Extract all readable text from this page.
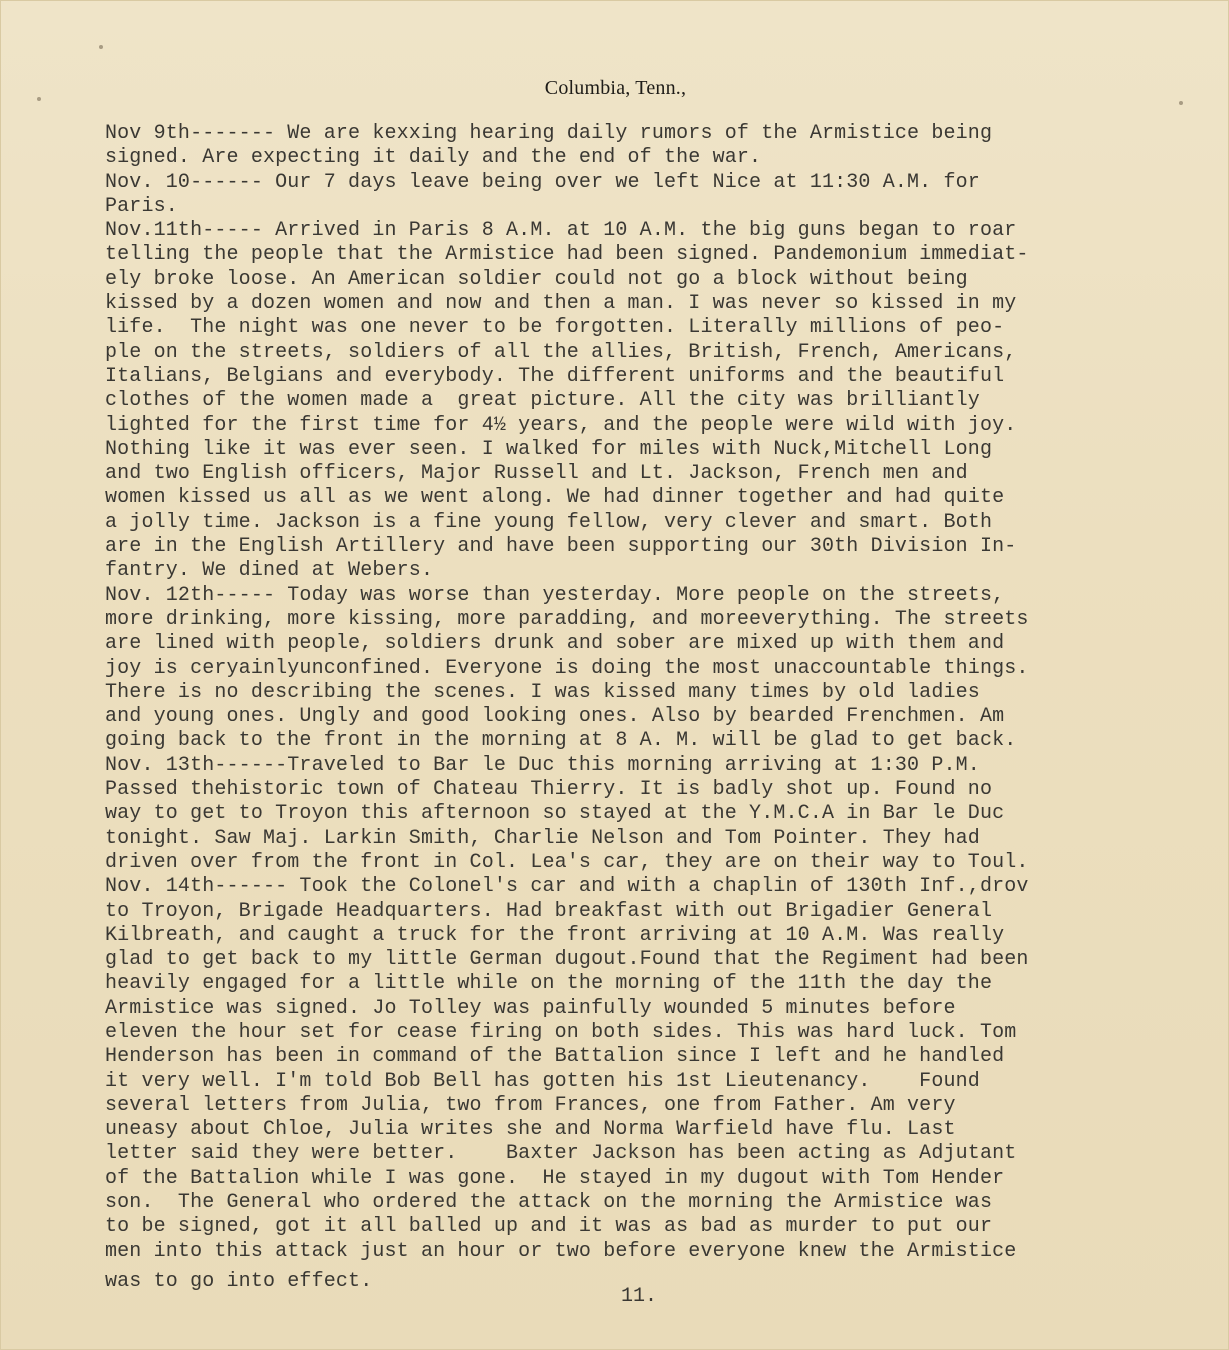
Columbia, Tenn.,
Nov 9th------- We are kexxing hearing daily rumors of the Armistice being
signed. Are expecting it daily and the end of the war.
Nov. 10------ Our 7 days leave being over we left Nice at 11:30 A.M. for
Paris.
Nov.11th----- Arrived in Paris 8 A.M. at 10 A.M. the big guns began to roar
telling the people that the Armistice had been signed. Pandemonium immediat-
ely broke loose. An American soldier could not go a block without being
kissed by a dozen women and now and then a man. I was never so kissed in my
life.  The night was one never to be forgotten. Literally millions of peo-
ple on the streets, soldiers of all the allies, British, French, Americans,
Italians, Belgians and everybody. The different uniforms and the beautiful
clothes of the women made a  great picture. All the city was brilliantly
lighted for the first time for 4½ years, and the people were wild with joy.
Nothing like it was ever seen. I walked for miles with Nuck,Mitchell Long
and two English officers, Major Russell and Lt. Jackson, French men and
women kissed us all as we went along. We had dinner together and had quite
a jolly time. Jackson is a fine young fellow, very clever and smart. Both
are in the English Artillery and have been supporting our 30th Division In-
fantry. We dined at Webers.
Nov. 12th----- Today was worse than yesterday. More people on the streets,
more drinking, more kissing, more paradding, and moreeverything. The streets
are lined with people, soldiers drunk and sober are mixed up with them and
joy is ceryainlyunconfined. Everyone is doing the most unaccountable things.
There is no describing the scenes. I was kissed many times by old ladies
and young ones. Ungly and good looking ones. Also by bearded Frenchmen. Am
going back to the front in the morning at 8 A. M. will be glad to get back.
Nov. 13th------Traveled to Bar le Duc this morning arriving at 1:30 P.M.
Passed thehistoric town of Chateau Thierry. It is badly shot up. Found no
way to get to Troyon this afternoon so stayed at the Y.M.C.A in Bar le Duc
tonight. Saw Maj. Larkin Smith, Charlie Nelson and Tom Pointer. They had
driven over from the front in Col. Lea's car, they are on their way to Toul.
Nov. 14th------ Took the Colonel's car and with a chaplin of 130th Inf.,drov
to Troyon, Brigade Headquarters. Had breakfast with out Brigadier General
Kilbreath, and caught a truck for the front arriving at 10 A.M. Was really
glad to get back to my little German dugout.Found that the Regiment had been
heavily engaged for a little while on the morning of the 11th the day the
Armistice was signed. Jo Tolley was painfully wounded 5 minutes before
eleven the hour set for cease firing on both sides. This was hard luck. Tom
Henderson has been in command of the Battalion since I left and he handled
it very well. I'm told Bob Bell has gotten his 1st Lieutenancy.    Found
several letters from Julia, two from Frances, one from Father. Am very
uneasy about Chloe, Julia writes she and Norma Warfield have flu. Last
letter said they were better.    Baxter Jackson has been acting as Adjutant
of the Battalion while I was gone.  He stayed in my dugout with Tom Hender
son.  The General who ordered the attack on the morning the Armistice was
to be signed, got it all balled up and it was as bad as murder to put our
men into this attack just an hour or two before everyone knew the Armistice
was to go into effect.
11.
